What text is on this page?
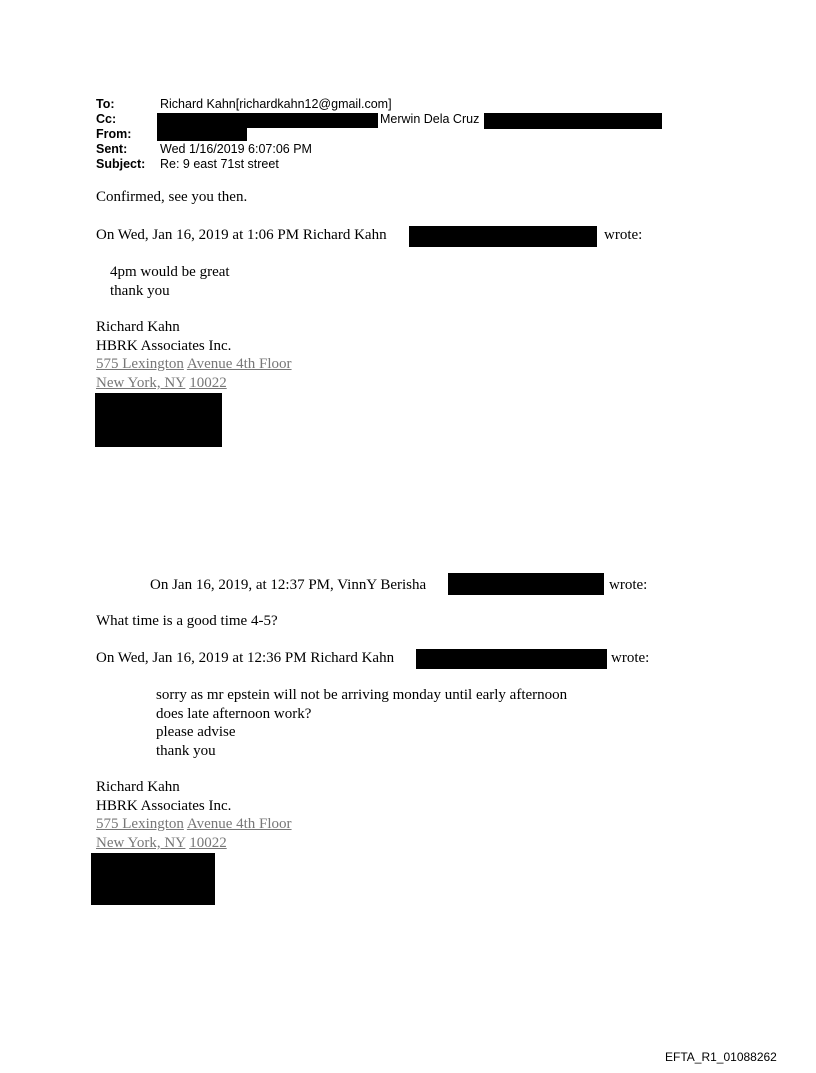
To:	Richard Kahn[richardkahn12@gmail.com]
Cc:	Merwin Dela Cruz
From:
Sent:	Wed 1/16/2019 6:07:06 PM
Subject: Re: 9 east 71st street
Confirmed, see you then.
On Wed, Jan 16, 2019 at 1:06 PM Richard Kahn	wrote:
4pm would be great
thank you
Richard Kahn
HBRK Associates Inc.
575 Lexington Avenue 4th Floor
New York, NY 10022
On Jan 16, 2019, at 12:37 PM, VinnY Berisha	wrote:
What time is a good time 4-5?
On Wed, Jan 16, 2019 at 12:36 PM Richard Kahn	wrote:
sorry as mr epstein will not be arriving monday until early afternoon
does late afternoon work?
please advise
thank you
Richard Kahn
HBRK Associates Inc.
575 Lexington Avenue 4th Floor
New York, NY 10022
EFTA_R1_01088262
